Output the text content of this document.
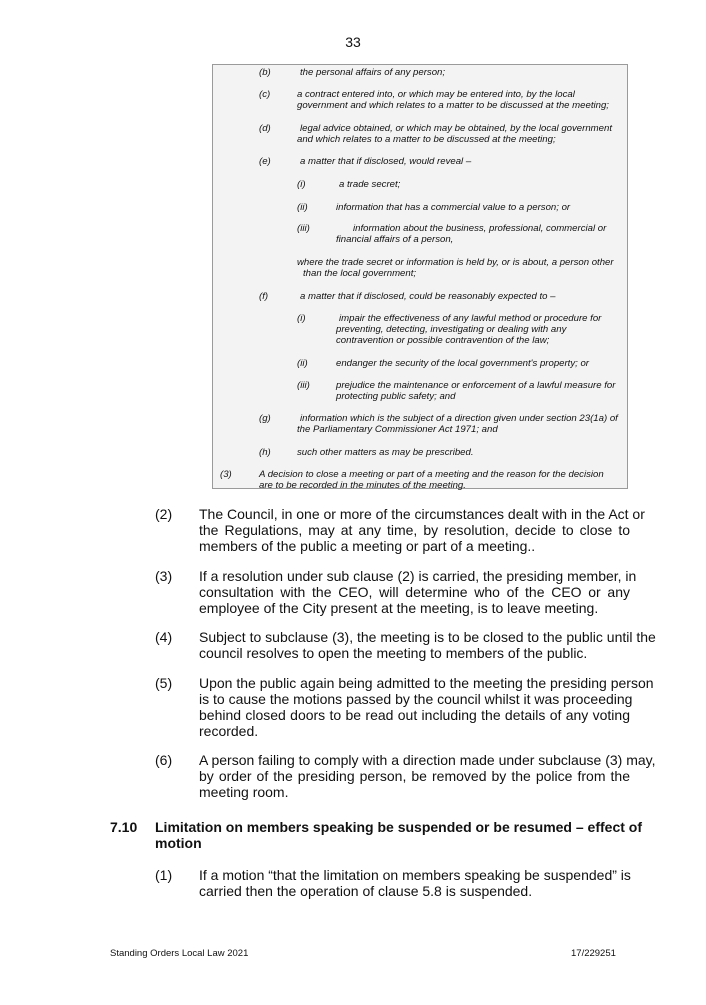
33
(b)	the personal affairs of any person;
(c)	a contract entered into, or which may be entered into, by the local
government and which relates to a matter to be discussed at the meeting;
(d)	legal advice obtained, or which may be obtained, by the local government
and which relates to a matter to be discussed at the meeting;
(e)	a matter that if disclosed, would reveal –
(i)	a trade secret;
(ii)	information that has a commercial value to a person; or
(iii)	information about the business, professional, commercial or
financial affairs of a person,
where the trade secret or information is held by, or is about, a person other
than the local government;
(f)	a matter that if disclosed, could be reasonably expected to –
(i)	impair the effectiveness of any lawful method or procedure for
preventing, detecting, investigating or dealing with any
contravention or possible contravention of the law;
(ii)	endanger the security of the local government's property; or
(iii)	prejudice the maintenance or enforcement of a lawful measure for
protecting public safety; and
(g)	information which is the subject of a direction given under section 23(1a) of
the Parliamentary Commissioner Act 1971; and
(h)	such other matters as may be prescribed.
(3)	A decision to close a meeting or part of a meeting and the reason for the decision
are to be recorded in the minutes of the meeting.
(2) The Council, in one or more of the circumstances dealt with in the Act or
the Regulations, may at any time, by resolution, decide to close to
members of the public a meeting or part of a meeting..
(3) If a resolution under sub clause (2) is carried, the presiding member, in
consultation with the CEO, will determine who of the CEO or any
employee of the City present at the meeting, is to leave meeting.
(4) Subject to subclause (3), the meeting is to be closed to the public until the
council resolves to open the meeting to members of the public.
(5) Upon the public again being admitted to the meeting the presiding person
is to cause the motions passed by the council whilst it was proceeding
behind closed doors to be read out including the details of any voting
recorded.
(6) A person failing to comply with a direction made under subclause (3) may,
by order of the presiding person, be removed by the police from the
meeting room.
7.10 Limitation on members speaking be suspended or be resumed – effect of
motion
(1) If a motion “that the limitation on members speaking be suspended” is
carried then the operation of clause 5.8 is suspended.
Standing Orders Local Law 2021	17/229251
